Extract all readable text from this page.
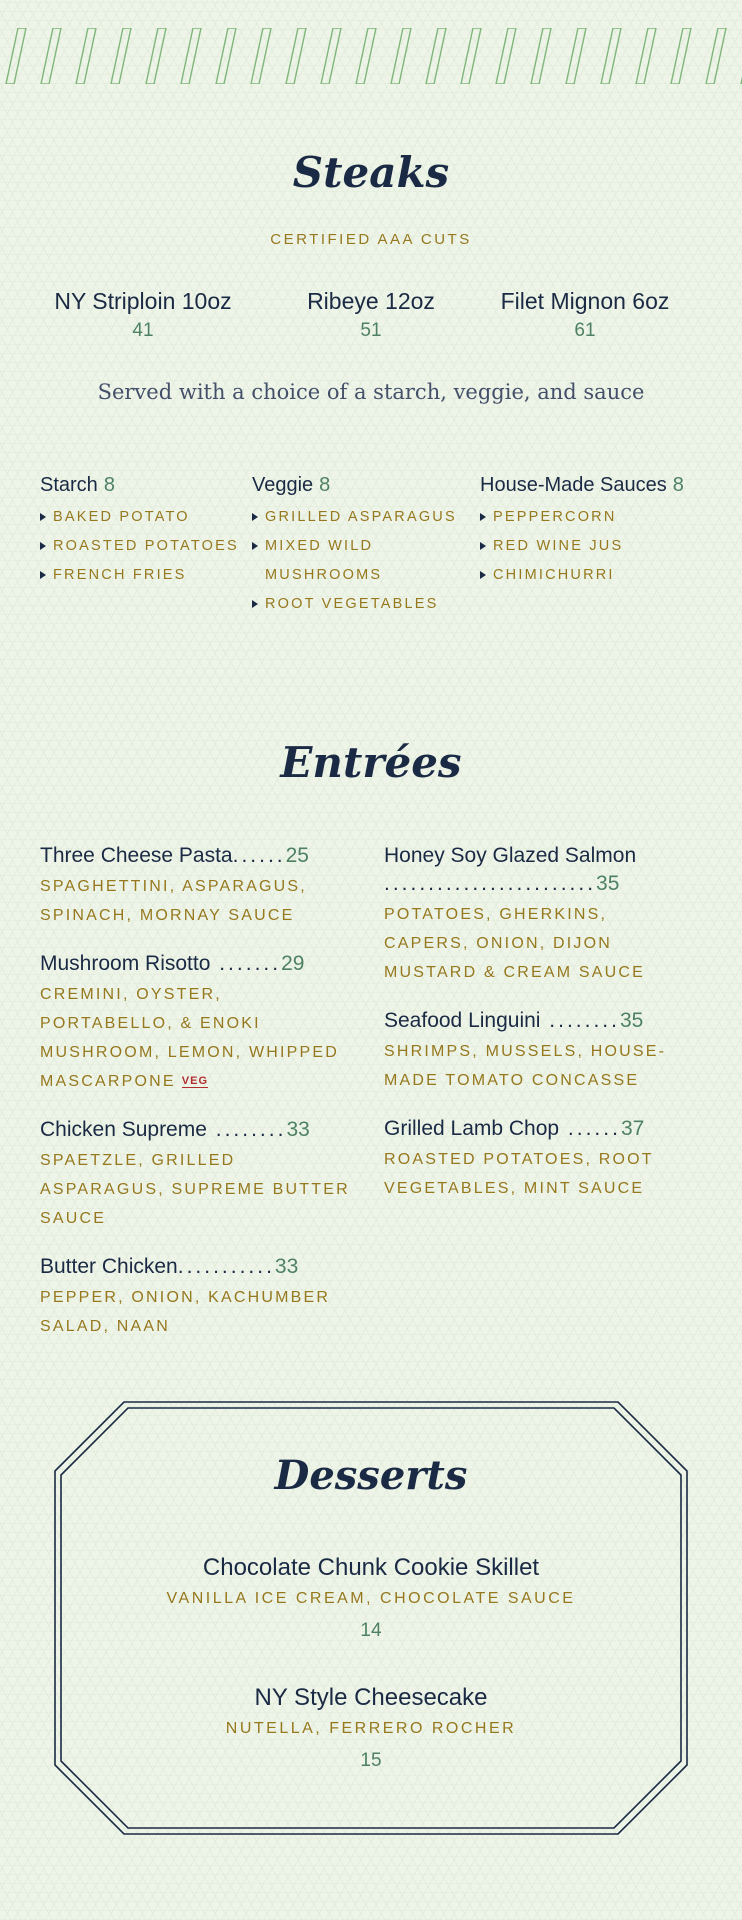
Steaks
CERTIFIED AAA CUTS
NY Striploin 10oz
41
Ribeye 12oz
51
Filet Mignon 6oz
61
Served with a choice of a starch, veggie, and sauce
Starch 8
BAKED POTATO
ROASTED POTATOES
FRENCH FRIES
Veggie 8
GRILLED ASPARAGUS
MIXED WILD
MUSHROOMS
ROOT VEGETABLES
House-Made Sauces 8
PEPPERCORN
RED WINE JUS
CHIMICHURRI
Entrées
Three Cheese Pasta......25
SPAGHETTINI, ASPARAGUS, SPINACH, MORNAY SAUCE
Mushroom Risotto .......29
CREMINI, OYSTER, PORTABELLO, & ENOKI MUSHROOM, LEMON, WHIPPED MASCARPONE VEG
Chicken Supreme ........33
SPAETZLE, GRILLED ASPARAGUS, SUPREME BUTTER SAUCE
Butter Chicken...........33
PEPPER, ONION, KACHUMBER SALAD, NAAN
Honey Soy Glazed Salmon
........................35
POTATOES, GHERKINS, CAPERS, ONION, DIJON MUSTARD & CREAM SAUCE
Seafood Linguini ........35
SHRIMPS, MUSSELS, HOUSE-MADE TOMATO CONCASSE
Grilled Lamb Chop ......37
ROASTED POTATOES, ROOT VEGETABLES, MINT SAUCE
Desserts
Chocolate Chunk Cookie Skillet
VANILLA ICE CREAM, CHOCOLATE SAUCE
14
NY Style Cheesecake
NUTELLA, FERRERO ROCHER
15
